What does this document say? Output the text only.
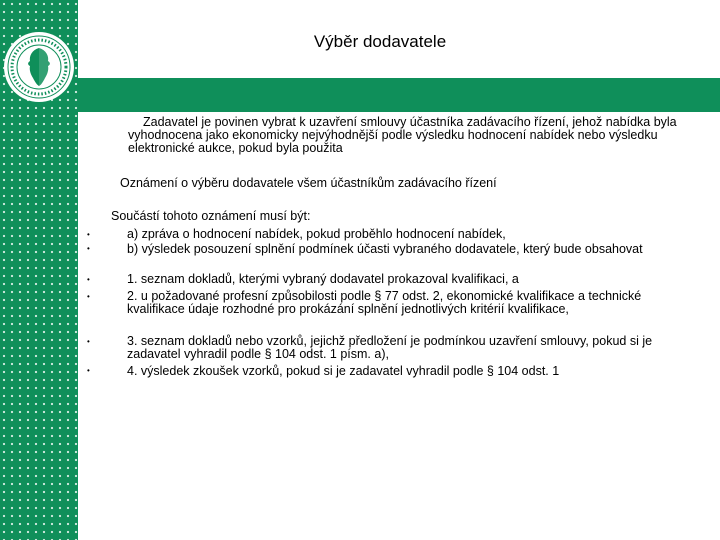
Výběr dodavatele
Zadavatel je povinen vybrat k uzavření smlouvy účastníka zadávacího řízení, jehož nabídka byla vyhodnocena jako ekonomicky nejvýhodnější podle výsledku hodnocení nabídek nebo výsledku elektronické aukce, pokud byla použita
Oznámení o výběru dodavatele všem účastníkům zadávacího řízení
Součástí tohoto oznámení musí být:
•	a) zpráva o hodnocení nabídek, pokud proběhlo hodnocení nabídek,
•	b) výsledek posouzení splnění podmínek účasti vybraného dodavatele, který bude obsahovat
•	1. seznam dokladů, kterými vybraný dodavatel prokazoval kvalifikaci, a
•	2. u požadované profesní způsobilosti podle § 77 odst. 2, ekonomické kvalifikace a technické kvalifikace údaje rozhodné pro prokázání splnění jednotlivých kritérií kvalifikace,
•	3. seznam dokladů nebo vzorků, jejichž předložení je podmínkou uzavření smlouvy, pokud si je zadavatel vyhradil podle § 104 odst. 1 písm. a),
•	4. výsledek zkoušek vzorků, pokud si je zadavatel vyhradil podle § 104 odst. 1
